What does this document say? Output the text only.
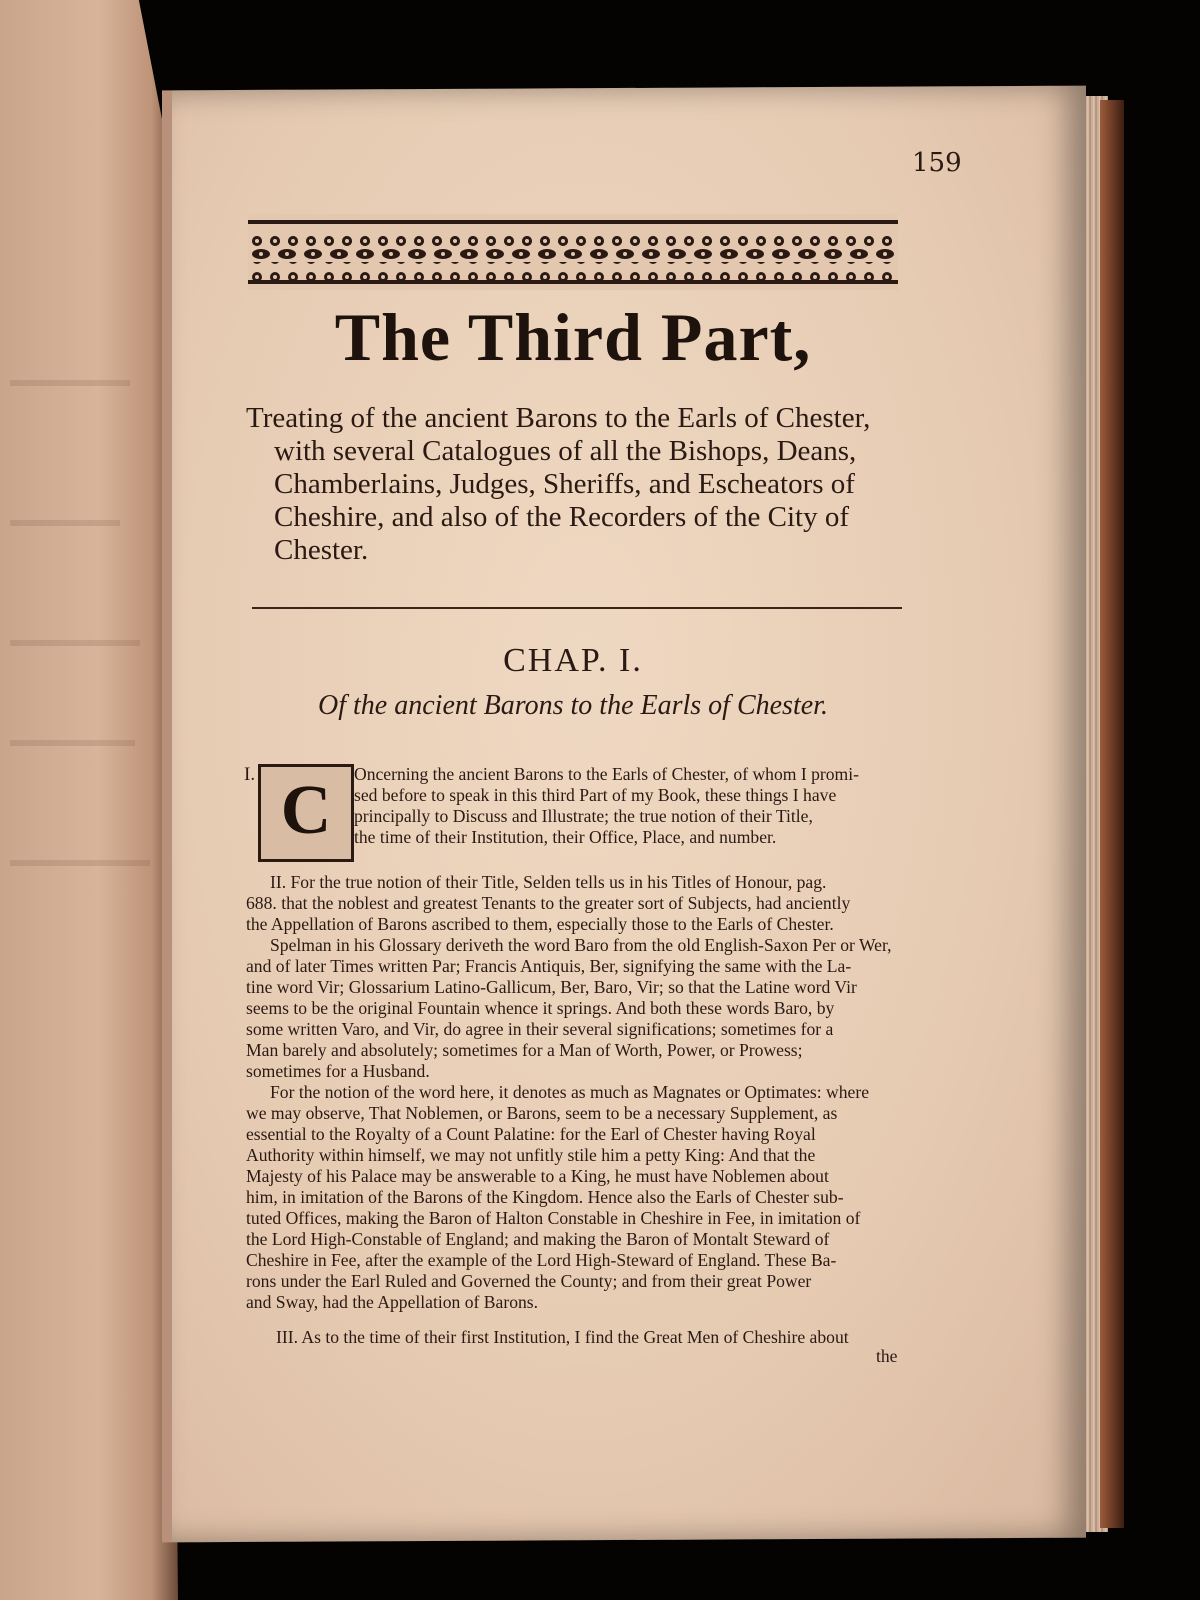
159
The Third Part,
Treating of the ancient Barons to the Earls of Chester,
with several Catalogues of all the Bishops, Deans,
Chamberlains, Judges, Sheriffs, and Escheators of
Cheshire, and also of the Recorders of the City of
Chester.
CHAP. I.
Of the ancient Barons to the Earls of Chester.
I. C	Oncerning the ancient Barons to the Earls of Chester, of whom I promi-
sed before to speak in this third Part of my Book, these things I have
principally to Discuss and Illustrate; the true notion of their Title,
the time of their Institution, their Office, Place, and number.
II. For the true notion of their Title, Selden tells us in his Titles of Honour, pag.
688. that the noblest and greatest Tenants to the greater sort of Subjects, had anciently
the Appellation of Barons ascribed to them, especially those to the Earls of Chester.
Spelman in his Glossary deriveth the word Baro from the old English-Saxon Per or Wer,
and of later Times written Par; Francis Antiquis, Ber, signifying the same with the La-
tine word Vir; Glossarium Latino-Gallicum, Ber, Baro, Vir; so that the Latine word Vir
seems to be the original Fountain whence it springs. And both these words Baro, by
some written Varo, and Vir, do agree in their several significations; sometimes for a
Man barely and absolutely; sometimes for a Man of Worth, Power, or Prowess;
sometimes for a Husband.
For the notion of the word here, it denotes as much as Magnates or Optimates: where
we may observe, That Noblemen, or Barons, seem to be a necessary Supplement, as
essential to the Royalty of a Count Palatine: for the Earl of Chester having Royal
Authority within himself, we may not unfitly stile him a petty King: And that the
Majesty of his Palace may be answerable to a King, he must have Noblemen about
him, in imitation of the Barons of the Kingdom. Hence also the Earls of Chester sub-
tuted Offices, making the Baron of Halton Constable in Cheshire in Fee, in imitation of
the Lord High-Constable of England; and making the Baron of Montalt Steward of
Cheshire in Fee, after the example of the Lord High-Steward of England. These Ba-
rons under the Earl Ruled and Governed the County; and from their great Power
and Sway, had the Appellation of Barons.
III. As to the time of their first Institution, I find the Great Men of Cheshire about
the
